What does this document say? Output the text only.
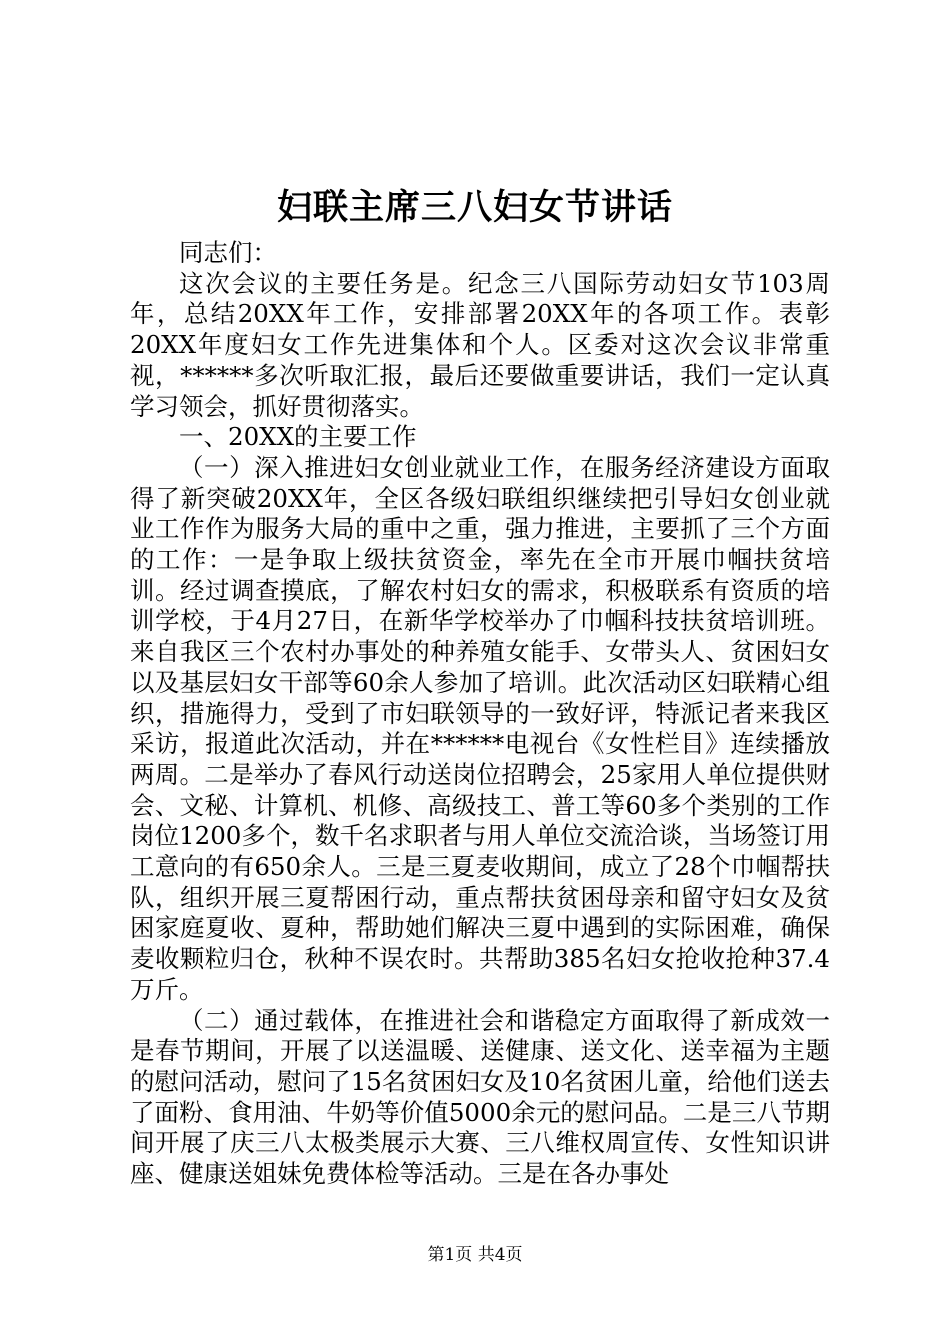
妇联主席三八妇女节讲话

同志们：

这次会议的主要任务是。纪念三八国际劳动妇女节103周年，总结20XX年工作，安排部署20XX年的各项工作。表彰20XX年度妇女工作先进集体和个人。区委对这次会议非常重视，******多次听取汇报，最后还要做重要讲话，我们一定认真学习领会，抓好贯彻落实。

一、20XX的主要工作

（一）深入推进妇女创业就业工作，在服务经济建设方面取得了新突破20XX年，全区各级妇联组织继续把引导妇女创业就业工作作为服务大局的重中之重，强力推进，主要抓了三个方面的工作：一是争取上级扶贫资金，率先在全市开展巾帼扶贫培训。经过调查摸底，了解农村妇女的需求，积极联系有资质的培训学校，于4月27日，在新华学校举办了巾帼科技扶贫培训班。来自我区三个农村办事处的种养殖女能手、女带头人、贫困妇女以及基层妇女干部等60余人参加了培训。此次活动区妇联精心组织，措施得力，受到了市妇联领导的一致好评，特派记者来我区采访，报道此次活动，并在******电视台《女性栏目》连续播放两周。二是举办了春风行动送岗位招聘会，25家用人单位提供财会、文秘、计算机、机修、高级技工、普工等60多个类别的工作岗位1200多个，数千名求职者与用人单位交流洽谈，当场签订用工意向的有650余人。三是三夏麦收期间，成立了28个巾帼帮扶队，组织开展三夏帮困行动，重点帮扶贫困母亲和留守妇女及贫困家庭夏收、夏种，帮助她们解决三夏中遇到的实际困难，确保麦收颗粒归仓，秋种不误农时。共帮助385名妇女抢收抢种37.4万斤。

（二）通过载体，在推进社会和谐稳定方面取得了新成效一是春节期间，开展了以送温暖、送健康、送文化、送幸福为主题的慰问活动，慰问了15名贫困妇女及10名贫困儿童，给他们送去了面粉、食用油、牛奶等价值5000余元的慰问品。二是三八节期间开展了庆三八太极类展示大赛、三八维权周宣传、女性知识讲座、健康送姐妹免费体检等活动。三是在各办事处

第1页 共4页
